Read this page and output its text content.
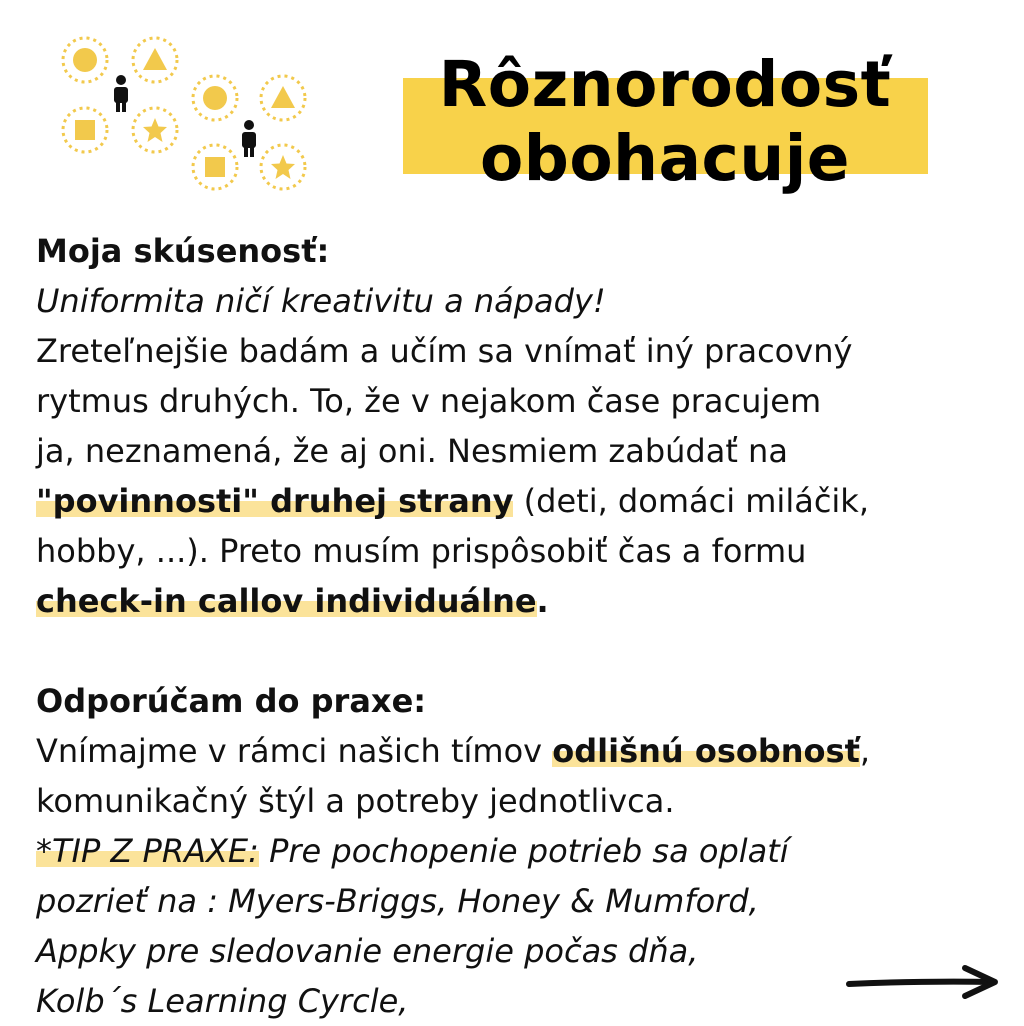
Rôznorodosť
obohacuje
Moja skúsenosť:
Uniformita ničí kreativitu a nápady!
Zreteľnejšie badám a učím sa vnímať iný pracovný
rytmus druhých. To, že v nejakom čase pracujem
ja, neznamená, že aj oni. Nesmiem zabúdať na
"povinnosti" druhej strany (deti, domáci miláčik,
hobby, ...). Preto musím prispôsobiť čas a formu
check-in callov individuálne.
Odporúčam do praxe:
Vnímajme v rámci našich tímov odlišnú osobnosť,
komunikačný štýl a potreby jednotlivca.
*TIP Z PRAXE: Pre pochopenie potrieb sa oplatí
pozrieť na : Myers-Briggs, Honey & Mumford,
Appky pre sledovanie energie počas dňa,
Kolb´s Learning Cyrcle,
